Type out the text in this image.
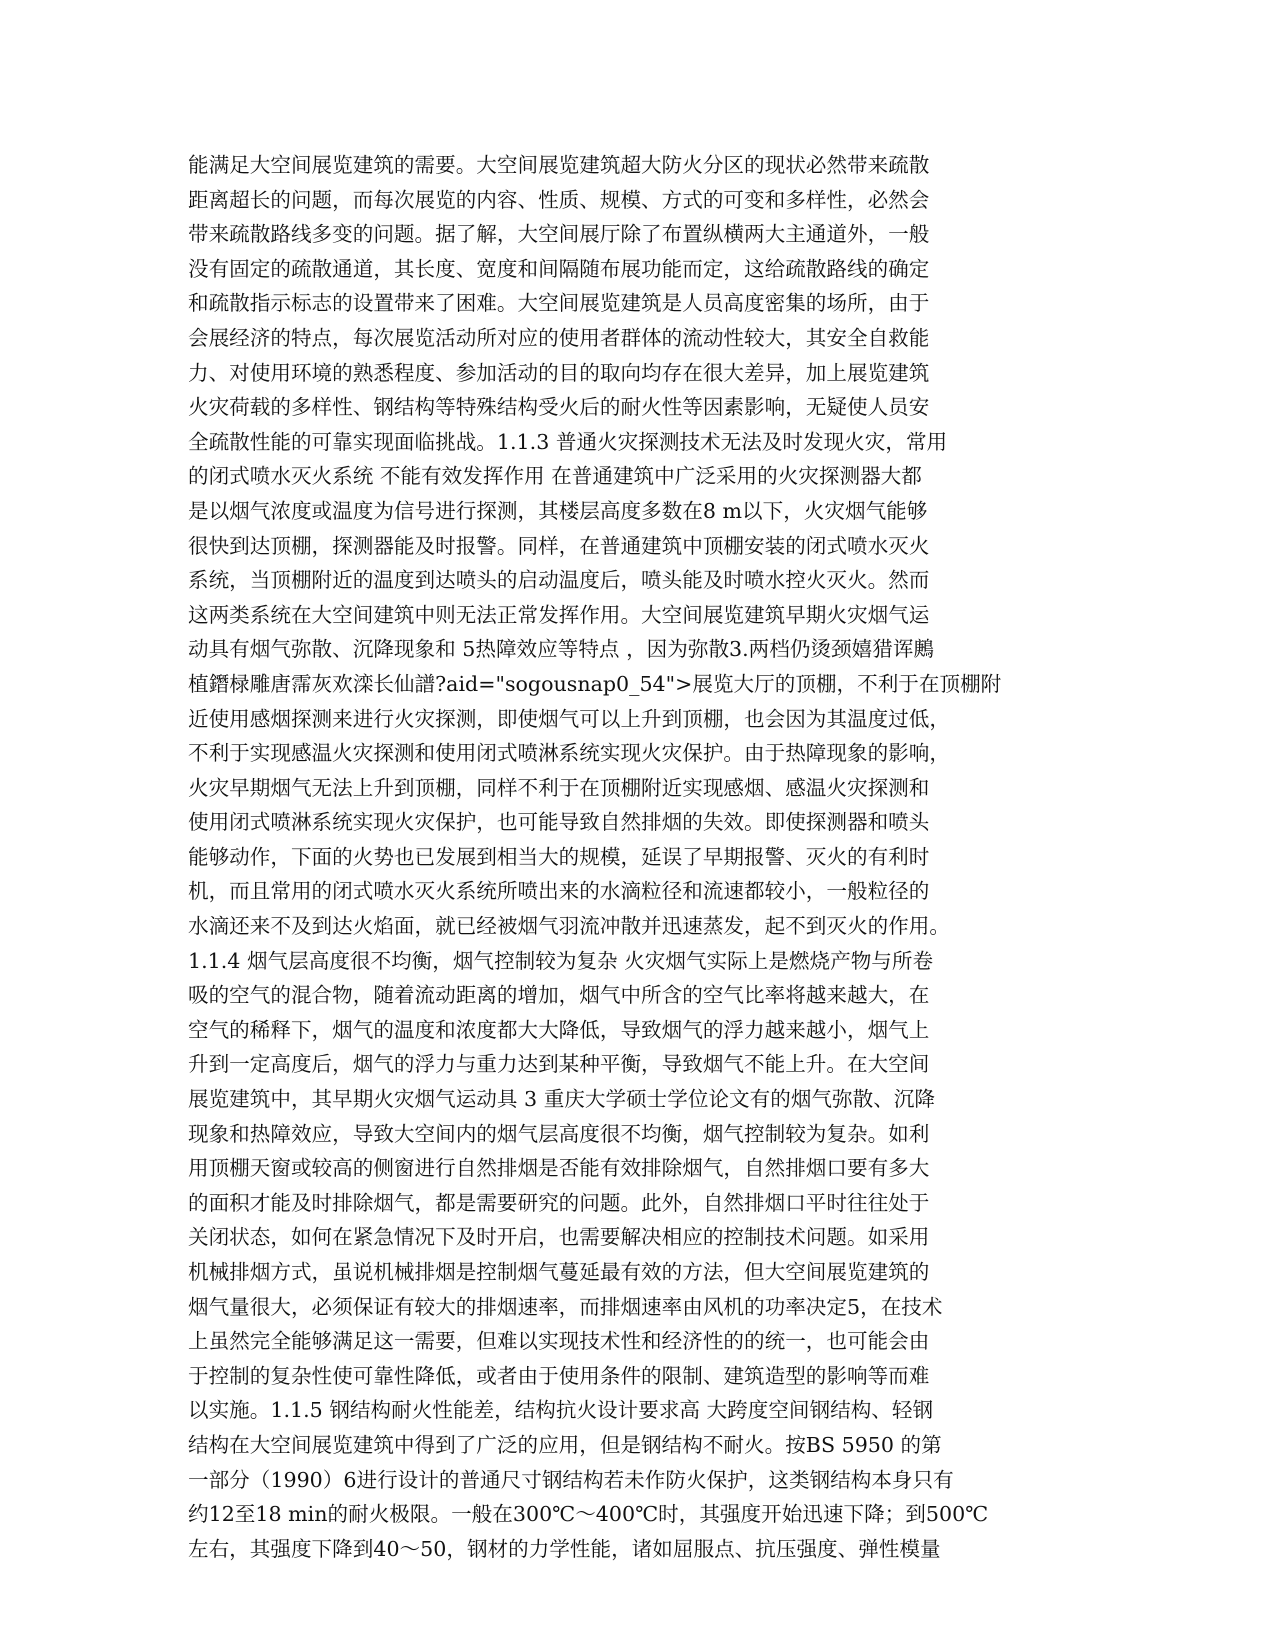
能满足大空间展览建筑的需要。大空间展览建筑超大防火分区的现状必然带来疏散
距离超长的问题，而每次展览的内容、性质、规模、方式的可变和多样性，必然会
带来疏散路线多变的问题。据了解，大空间展厅除了布置纵横两大主通道外，一般
没有固定的疏散通道，其长度、宽度和间隔随布展功能而定，这给疏散路线的确定
和疏散指示标志的设置带来了困难。大空间展览建筑是人员高度密集的场所，由于
会展经济的特点，每次展览活动所对应的使用者群体的流动性较大，其安全自救能
力、对使用环境的熟悉程度、参加活动的目的取向均存在很大差异，加上展览建筑
火灾荷载的多样性、钢结构等特殊结构受火后的耐火性等因素影响，无疑使人员安
全疏散性能的可靠实现面临挑战。1.1.3 普通火灾探测技术无法及时发现火灾，常用
的闭式喷水灭火系统 不能有效发挥作用 在普通建筑中广泛采用的火灾探测器大都
是以烟气浓度或温度为信号进行探测，其楼层高度多数在8 m以下，火灾烟气能够
很快到达顶棚，探测器能及时报警。同样，在普通建筑中顶棚安装的闭式喷水灭火
系统，当顶棚附近的温度到达喷头的启动温度后，喷头能及时喷水控火灭火。然而
这两类系统在大空间建筑中则无法正常发挥作用。大空间展览建筑早期火灾烟气运
动具有烟气弥散、沉降现象和 5热障效应等特点 ，因为弥散3.两档仍烫颈嬉猎诨鶊
植鐕椂雕唐霈灰欢滦长仙譜?aid="sogousnap0_54">展览大厅的顶棚，不利于在顶棚附
近使用感烟探测来进行火灾探测，即使烟气可以上升到顶棚，也会因为其温度过低，
不利于实现感温火灾探测和使用闭式喷淋系统实现火灾保护。由于热障现象的影响，
火灾早期烟气无法上升到顶棚，同样不利于在顶棚附近实现感烟、感温火灾探测和
使用闭式喷淋系统实现火灾保护，也可能导致自然排烟的失效。即使探测器和喷头
能够动作，下面的火势也已发展到相当大的规模，延误了早期报警、灭火的有利时
机，而且常用的闭式喷水灭火系统所喷出来的水滴粒径和流速都较小，一般粒径的
水滴还来不及到达火焰面，就已经被烟气羽流冲散并迅速蒸发，起不到灭火的作用。
1.1.4 烟气层高度很不均衡，烟气控制较为复杂 火灾烟气实际上是燃烧产物与所卷
吸的空气的混合物，随着流动距离的增加，烟气中所含的空气比率将越来越大，在
空气的稀释下，烟气的温度和浓度都大大降低，导致烟气的浮力越来越小，烟气上
升到一定高度后，烟气的浮力与重力达到某种平衡，导致烟气不能上升。在大空间
展览建筑中，其早期火灾烟气运动具 3 重庆大学硕士学位论文有的烟气弥散、沉降
现象和热障效应，导致大空间内的烟气层高度很不均衡，烟气控制较为复杂。如利
用顶棚天窗或较高的侧窗进行自然排烟是否能有效排除烟气，自然排烟口要有多大
的面积才能及时排除烟气，都是需要研究的问题。此外，自然排烟口平时往往处于
关闭状态，如何在紧急情况下及时开启，也需要解决相应的控制技术问题。如采用
机械排烟方式，虽说机械排烟是控制烟气蔓延最有效的方法，但大空间展览建筑的
烟气量很大，必须保证有较大的排烟速率，而排烟速率由风机的功率决定5，在技术
上虽然完全能够满足这一需要，但难以实现技术性和经济性的的统一，也可能会由
于控制的复杂性使可靠性降低，或者由于使用条件的限制、建筑造型的影响等而难
以实施。1.1.5 钢结构耐火性能差，结构抗火设计要求高 大跨度空间钢结构、轻钢
结构在大空间展览建筑中得到了广泛的应用，但是钢结构不耐火。按BS 5950 的第
一部分（1990）6进行设计的普通尺寸钢结构若未作防火保护，这类钢结构本身只有
约12至18 min的耐火极限。一般在300℃～400℃时，其强度开始迅速下降；到500℃
左右，其强度下降到40～50，钢材的力学性能，诸如屈服点、抗压强度、弹性模量
